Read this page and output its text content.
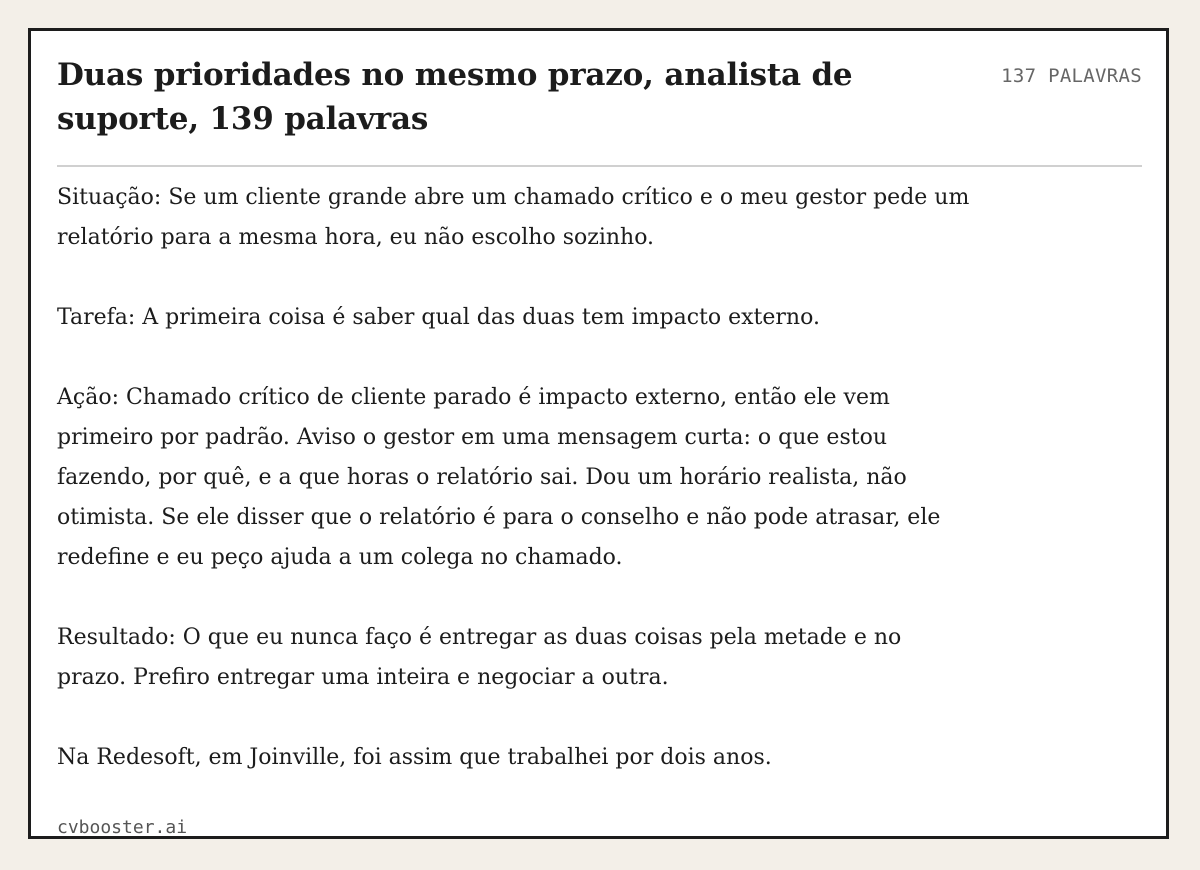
Duas prioridades no mesmo prazo, analista de suporte, 139 palavras
137 PALAVRAS

Situação: Se um cliente grande abre um chamado crítico e o meu gestor pede um relatório para a mesma hora, eu não escolho sozinho.

Tarefa: A primeira coisa é saber qual das duas tem impacto externo.

Ação: Chamado crítico de cliente parado é impacto externo, então ele vem primeiro por padrão. Aviso o gestor em uma mensagem curta: o que estou fazendo, por quê, e a que horas o relatório sai. Dou um horário realista, não otimista. Se ele disser que o relatório é para o conselho e não pode atrasar, ele redefine e eu peço ajuda a um colega no chamado.

Resultado: O que eu nunca faço é entregar as duas coisas pela metade e no prazo. Prefiro entregar uma inteira e negociar a outra.

Na Redesoft, em Joinville, foi assim que trabalhei por dois anos.

cvbooster.ai
